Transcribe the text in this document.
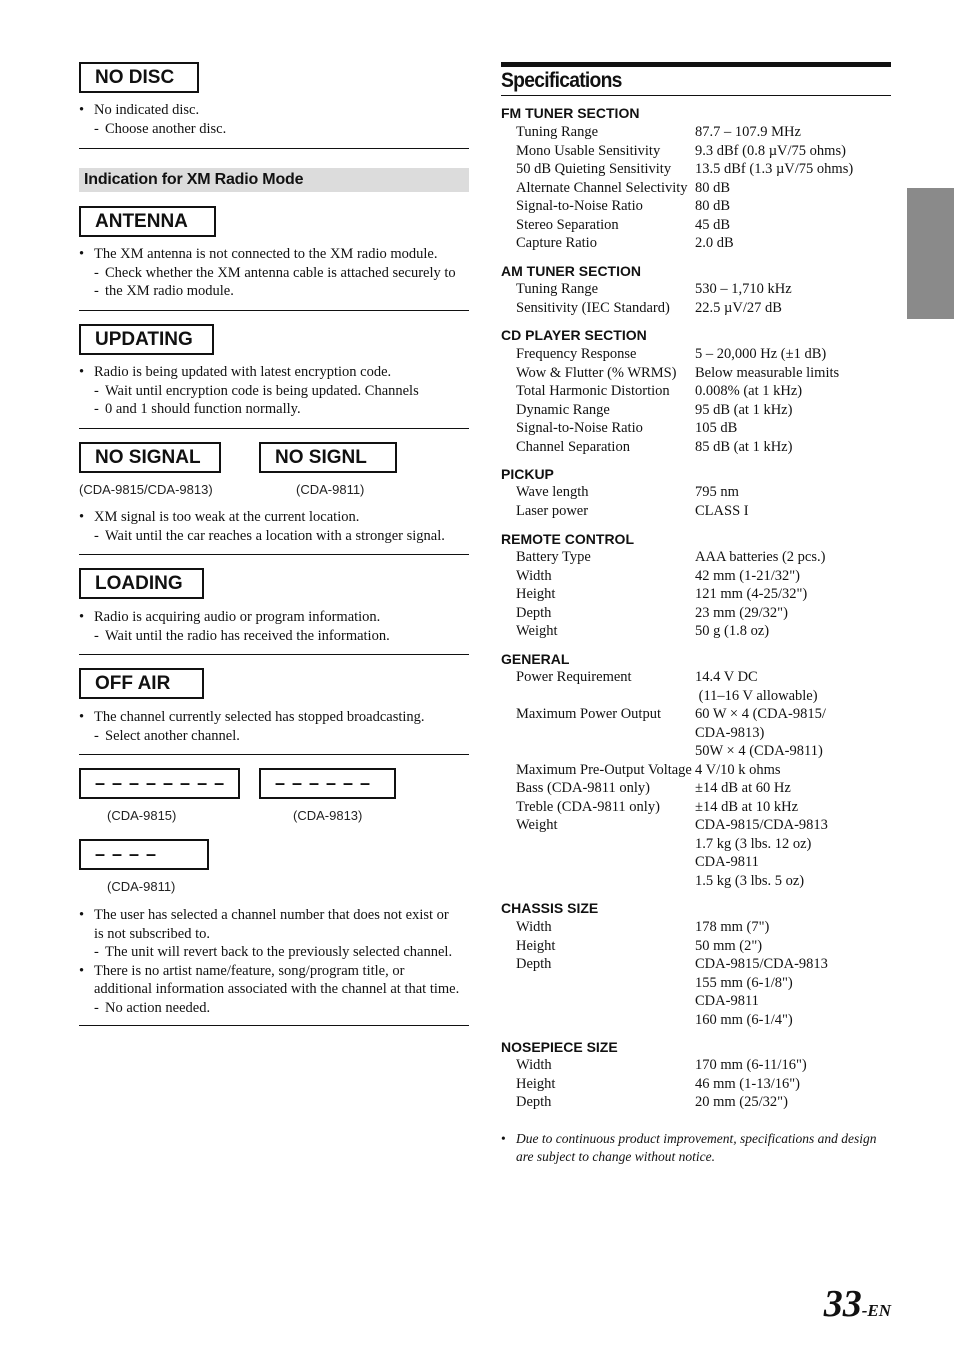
NO DISC
• No indicated disc.
- Choose another disc.
Indication for XM Radio Mode
ANTENNA
• The XM antenna is not connected to the XM radio module.
- Check whether the XM antenna cable is attached securely to
- the XM radio module.
UPDATING
• Radio is being updated with latest encryption code.
- Wait until encryption code is being updated. Channels
- 0 and 1 should function normally.
NO SIGNAL	NO SIGNL
(CDA-9815/CDA-9813)	(CDA-9811)
• XM signal is too weak at the current location.
- Wait until the car reaches a location with a stronger signal.
LOADING
• Radio is acquiring audio or program information.
- Wait until the radio has received the information.
OFF AIR
• The channel currently selected has stopped broadcasting.
- Select another channel.
– – – – – – – –	– – – – – –
(CDA-9815)	(CDA-9813)
– – – –
(CDA-9811)
• The user has selected a channel number that does not exist or
is not subscribed to.
- The unit will revert back to the previously selected channel.
• There is no artist name/feature, song/program title, or
additional information associated with the channel at that time.
- No action needed.
Specifications
FM TUNER SECTION
Tuning Range	87.7 – 107.9 MHz
Mono Usable Sensitivity	9.3 dBf (0.8 µV/75 ohms)
50 dB Quieting Sensitivity	13.5 dBf (1.3 µV/75 ohms)
Alternate Channel Selectivity 80 dB
Signal-to-Noise Ratio	80 dB
Stereo Separation	45 dB
Capture Ratio	2.0 dB
AM TUNER SECTION
Tuning Range	530 – 1,710 kHz
Sensitivity (IEC Standard)	22.5 µV/27 dB
CD PLAYER SECTION
Frequency Response	5 – 20,000 Hz (±1 dB)
Wow & Flutter (% WRMS)	Below measurable limits
Total Harmonic Distortion	0.008% (at 1 kHz)
Dynamic Range	95 dB (at 1 kHz)
Signal-to-Noise Ratio	105 dB
Channel Separation	85 dB (at 1 kHz)
PICKUP
Wave length	795 nm
Laser power	CLASS I
REMOTE CONTROL
Battery Type	AAA batteries (2 pcs.)
Width	42 mm (1-21/32")
Height	121 mm (4-25/32")
Depth	23 mm (29/32")
Weight	50 g (1.8 oz)
GENERAL
Power Requirement	14.4 V DC
(11–16 V allowable)
Maximum Power Output	60 W × 4 (CDA-9815/
CDA-9813)
50W × 4 (CDA-9811)
Maximum Pre-Output Voltage 4 V/10 k ohms
Bass (CDA-9811 only)	±14 dB at 60 Hz
Treble (CDA-9811 only)	±14 dB at 10 kHz
Weight	CDA-9815/CDA-9813
1.7 kg (3 lbs. 12 oz)
CDA-9811
1.5 kg (3 lbs. 5 oz)
CHASSIS SIZE
Width	178 mm (7")
Height	50 mm (2")
Depth	CDA-9815/CDA-9813
155 mm (6-1/8")
CDA-9811
160 mm (6-1/4")
NOSEPIECE SIZE
Width	170 mm (6-11/16")
Height	46 mm (1-13/16")
Depth	20 mm (25/32")
• Due to continuous product improvement, specifications and design
are subject to change without notice.
33-EN
